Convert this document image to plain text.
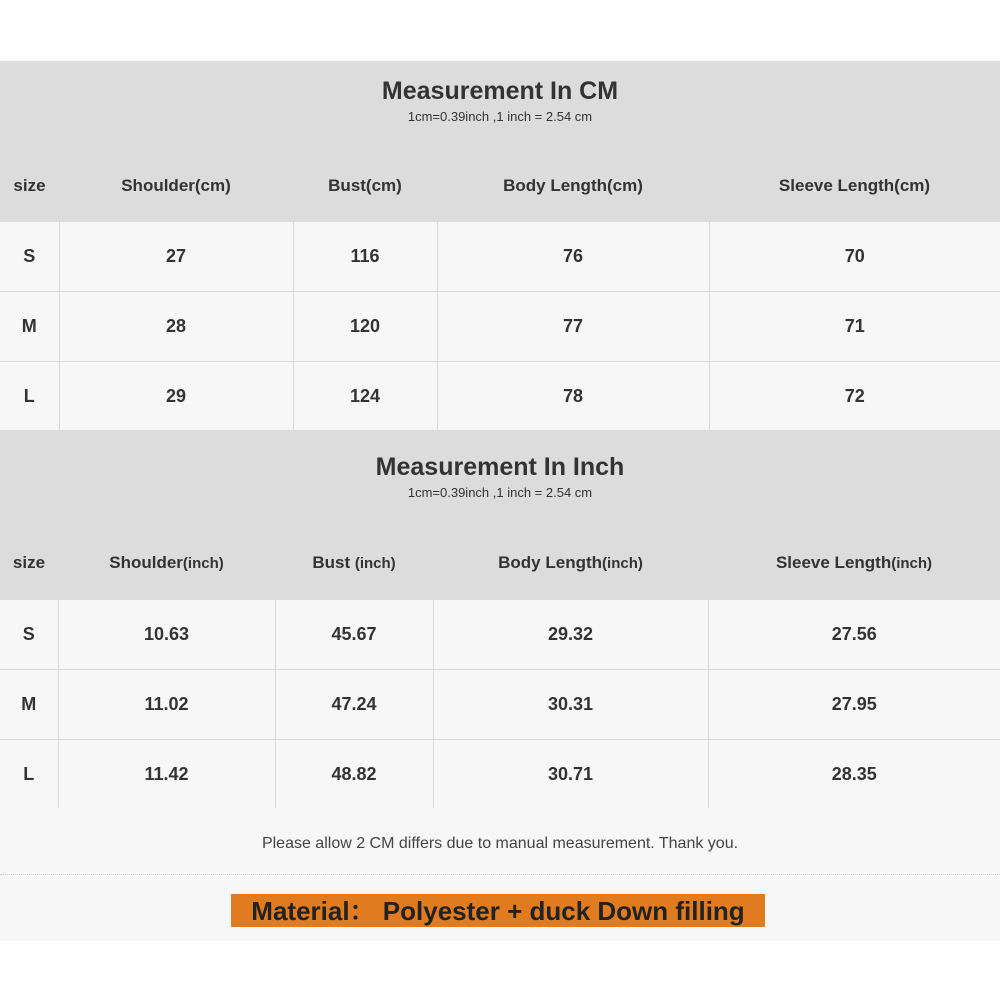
Measurement In CM
1cm=0.39inch ,1 inch = 2.54 cm
size	Shoulder(cm)	Bust(cm)	Body Length(cm)	Sleeve Length(cm)
S	27	116	76	70
M	28	120	77	71
L	29	124	78	72
Measurement In Inch
1cm=0.39inch ,1 inch = 2.54 cm
size	Shoulder(inch)	Bust (inch)	Body Length(inch)	Sleeve Length(inch)
S	10.63	45.67	29.32	27.56
M	11.02	47.24	30.31	27.95
L	11.42	48.82	30.71	28.35
Please allow 2 CM differs due to manual measurement. Thank you.
Material： Polyester + duck Down filling
